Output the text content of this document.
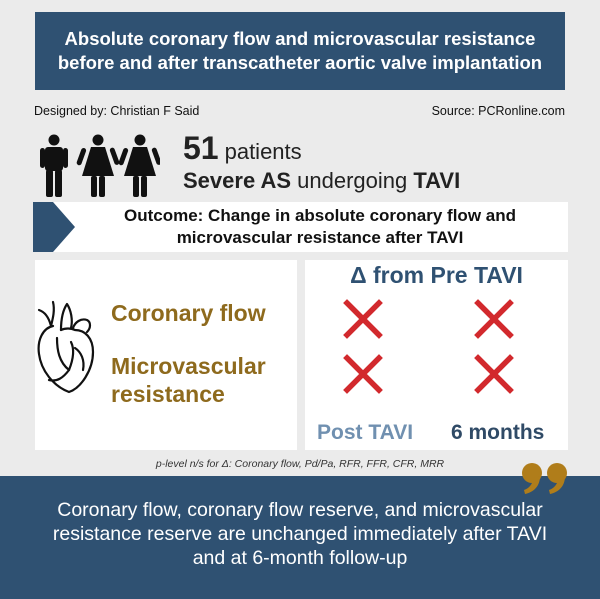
Absolute coronary flow and microvascular resistance before and after transcatheter aortic valve implantation
Designed by: Christian F Said	Source: PCRonline.com
51 patients
Severe AS undergoing TAVI
Outcome: Change in absolute coronary flow and microvascular resistance after TAVI
Coronary flow
Microvascular resistance
Δ from Pre TAVI
Post TAVI 6 months
p-level n/s for Δ: Coronary flow, Pd/Pa, RFR, FFR, CFR, MRR
Coronary flow, coronary flow reserve, and microvascular resistance reserve are unchanged immediately after TAVI and at 6-month follow-up
